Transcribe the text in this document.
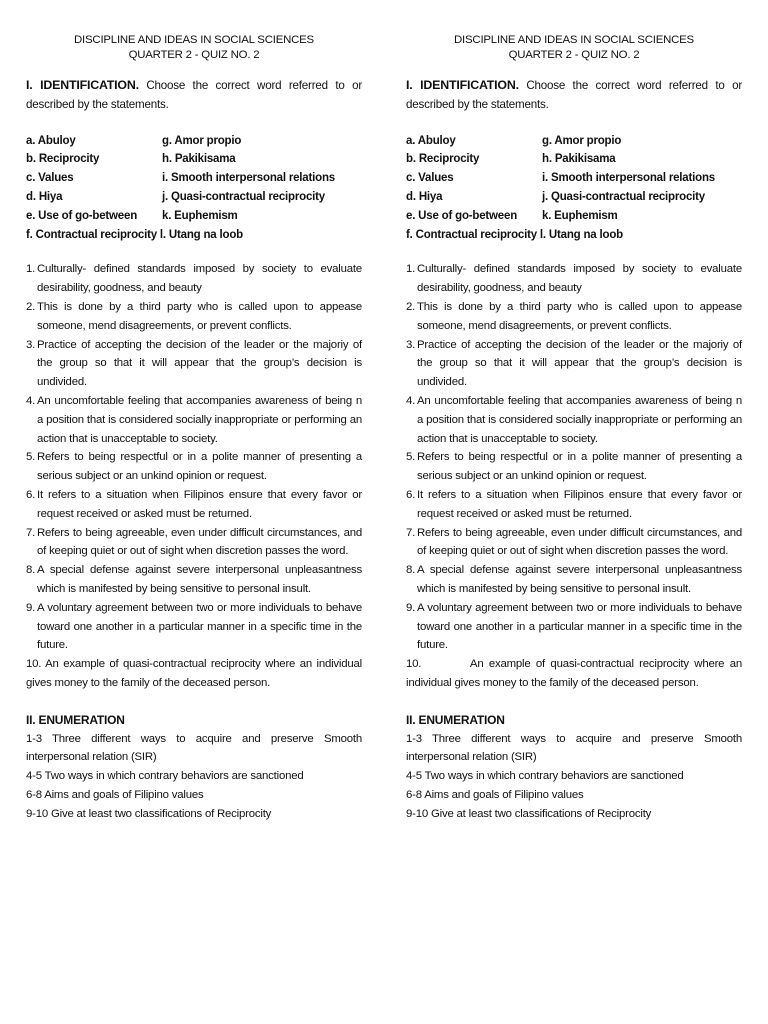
DISCIPLINE AND IDEAS IN SOCIAL SCIENCES
QUARTER 2 - QUIZ NO. 2
I. IDENTIFICATION. Choose the correct word referred to or described by the statements.
a. Abuloy	g. Amor propio
b. Reciprocity	h. Pakikisama
c. Values	i. Smooth interpersonal relations
d. Hiya	j. Quasi-contractual reciprocity
e. Use of go-between	k. Euphemism
f. Contractual reciprocity l. Utang na loob
1. Culturally- defined standards imposed by society to evaluate desirability, goodness, and beauty
2. This is done by a third party who is called upon to appease someone, mend disagreements, or prevent conflicts.
3. Practice of accepting the decision of the leader or the majoriy of the group so that it will appear that the group’s decision is undivided.
4. An uncomfortable feeling that accompanies awareness of being n a position that is considered socially inappropriate or performing an action that is unacceptable to society.
5. Refers to being respectful or in a polite manner of presenting a serious subject or an unkind opinion or request.
6. It refers to a situation when Filipinos ensure that every favor or request received or asked must be returned.
7. Refers to being agreeable, even under difficult circumstances, and of keeping quiet or out of sight when discretion passes the word.
8. A special defense against severe interpersonal unpleasantness which is manifested by being sensitive to personal insult.
9. A voluntary agreement between two or more individuals to behave toward one another in a particular manner in a specific time in the future.
10. An example of quasi-contractual reciprocity where an individual gives money to the family of the deceased person.
II. ENUMERATION
1-3 Three different ways to acquire and preserve Smooth interpersonal relation (SIR)
4-5 Two ways in which contrary behaviors are sanctioned
6-8 Aims and goals of Filipino values
9-10 Give at least two classifications of Reciprocity
DISCIPLINE AND IDEAS IN SOCIAL SCIENCES
QUARTER 2 - QUIZ NO. 2
I. IDENTIFICATION. Choose the correct word referred to or described by the statements.
a. Abuloy	g. Amor propio
b. Reciprocity	h. Pakikisama
c. Values	i. Smooth interpersonal relations
d. Hiya	j. Quasi-contractual reciprocity
e. Use of go-between	k. Euphemism
f. Contractual reciprocity l. Utang na loob
1. Culturally- defined standards imposed by society to evaluate desirability, goodness, and beauty
2. This is done by a third party who is called upon to appease someone, mend disagreements, or prevent conflicts.
3. Practice of accepting the decision of the leader or the majoriy of the group so that it will appear that the group’s decision is undivided.
4. An uncomfortable feeling that accompanies awareness of being n a position that is considered socially inappropriate or performing an action that is unacceptable to society.
5. Refers to being respectful or in a polite manner of presenting a serious subject or an unkind opinion or request.
6. It refers to a situation when Filipinos ensure that every favor or request received or asked must be returned.
7. Refers to being agreeable, even under difficult circumstances, and of keeping quiet or out of sight when discretion passes the word.
8. A special defense against severe interpersonal unpleasantness which is manifested by being sensitive to personal insult.
9. A voluntary agreement between two or more individuals to behave toward one another in a particular manner in a specific time in the future.
10.	An example of quasi-contractual reciprocity where an individual gives money to the family of the deceased person.
II. ENUMERATION
1-3 Three different ways to acquire and preserve Smooth interpersonal relation (SIR)
4-5 Two ways in which contrary behaviors are sanctioned
6-8 Aims and goals of Filipino values
9-10 Give at least two classifications of Reciprocity
